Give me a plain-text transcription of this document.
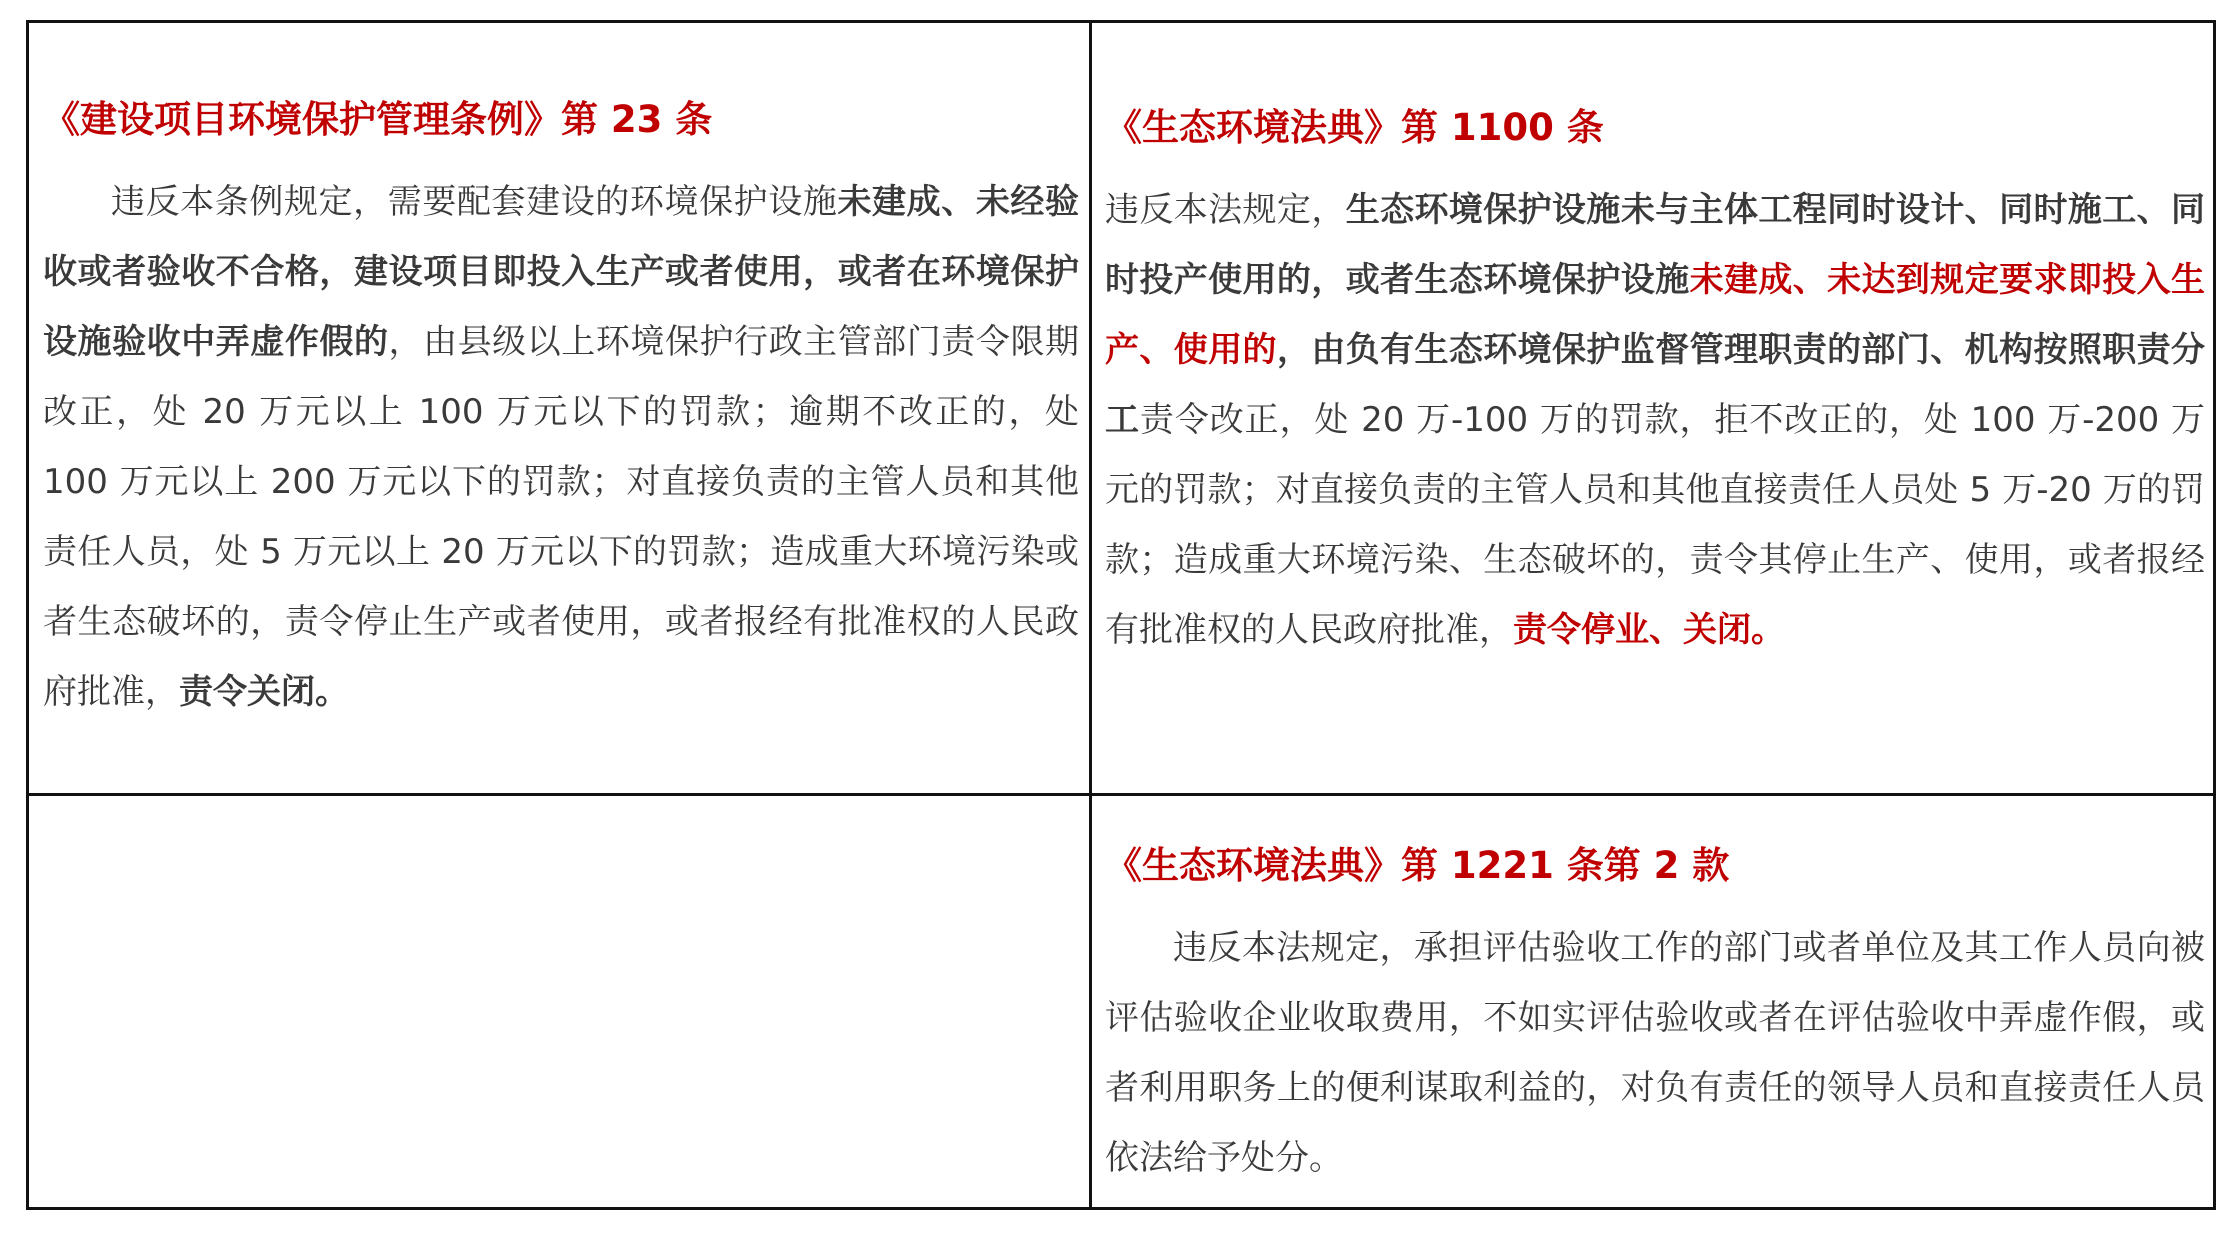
《建设项目环境保护管理条例》第 23 条

违反本条例规定，需要配套建设的环境保护设施未建成、未经验收或者验收不合格，建设项目即投入生产或者使用，或者在环境保护设施验收中弄虚作假的，由县级以上环境保护行政主管部门责令限期改正，处 20 万元以上 100 万元以下的罚款；逾期不改正的，处 100 万元以上 200 万元以下的罚款；对直接负责的主管人员和其他责任人员，处 5 万元以上 20 万元以下的罚款；造成重大环境污染或者生态破坏的，责令停止生产或者使用，或者报经有批准权的人民政府批准，责令关闭。

《生态环境法典》第 1100 条

违反本法规定，生态环境保护设施未与主体工程同时设计、同时施工、同时投产使用的，或者生态环境保护设施未建成、未达到规定要求即投入生产、使用的，由负有生态环境保护监督管理职责的部门、机构按照职责分工责令改正，处 20 万-100 万的罚款，拒不改正的，处 100 万-200 万元的罚款；对直接负责的主管人员和其他直接责任人员处 5 万-20 万的罚款；造成重大环境污染、生态破坏的，责令其停止生产、使用，或者报经有批准权的人民政府批准，责令停业、关闭。

《生态环境法典》第 1221 条第 2 款

违反本法规定，承担评估验收工作的部门或者单位及其工作人员向被评估验收企业收取费用，不如实评估验收或者在评估验收中弄虚作假，或者利用职务上的便利谋取利益的，对负有责任的领导人员和直接责任人员依法给予处分。
